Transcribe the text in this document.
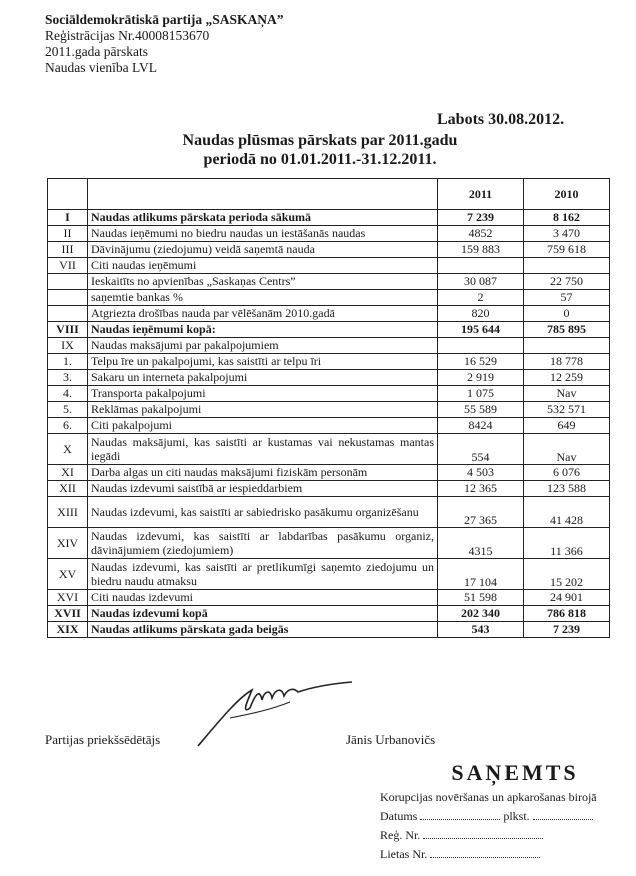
Sociāldemokrātiskā partija „SASKAŅA”
Reģistrācijas Nr.40008153670
2011.gada pārskats
Naudas vienība LVL
Labots 30.08.2012.
Naudas plūsmas pārskats par 2011.gadu
periodā no 01.01.2011.-31.12.2011.
		2011	2010
I	Naudas atlikums pārskata perioda sākumā	7 239	8 162
II	Naudas ieņēmumi no biedru naudas un iestāšanās naudas	4852	3 470
III	Dāvinājumu (ziedojumu) veidā saņemtā nauda	159 883	759 618
VII	Citi naudas ieņēmumi		
	Ieskaitīts no apvienības „Saskaņas Centrs”	30 087	22 750
	saņemtie bankas %	2	57
	Atgriezta drošības nauda par vēlēšanām 2010.gadā	820	0
VIII	Naudas ieņēmumi kopā:	195 644	785 895
IX	Naudas maksājumi par pakalpojumiem		
1.	Telpu īre un pakalpojumi, kas saistīti ar telpu īri	16 529	18 778
3.	Sakaru un interneta pakalpojumi	2 919	12 259
4.	Transporta pakalpojumi	1 075	Nav
5.	Reklāmas pakalpojumi	55 589	532 571
6.	Citi pakalpojumi	8424	649
X	Naudas maksājumi, kas saistīti ar kustamas vai nekustamas mantas iegādi	554	Nav
XI	Darba algas un citi naudas maksājumi fiziskām personām	4 503	6 076
XII	Naudas izdevumi saistībā ar iespieddarbiem	12 365	123 588
XIII	Naudas izdevumi, kas saistīti ar sabiedrisko pasākumu organizēšanu	27 365	41 428
XIV	Naudas izdevumi, kas saistīti ar labdarības pasākumu organiz, dāvinājumiem (ziedojumiem)	4315	11 366
XV	Naudas izdevumi, kas saistīti ar pretlikumīgi saņemto ziedojumu un biedru naudu atmaksu	17 104	15 202
XVI	Citi naudas izdevumi	51 598	24 901
XVII	Naudas izdevumi kopā	202 340	786 818
XIX	Naudas atlikums pārskata gada beigās	543	7 239
Partijas priekšsēdētājs	Jānis Urbanovičs
SAŅEMTS
Korupcijas novēršanas un apkarošanas birojā
Datums	plkst.
Reģ. Nr.
Lietas Nr.
